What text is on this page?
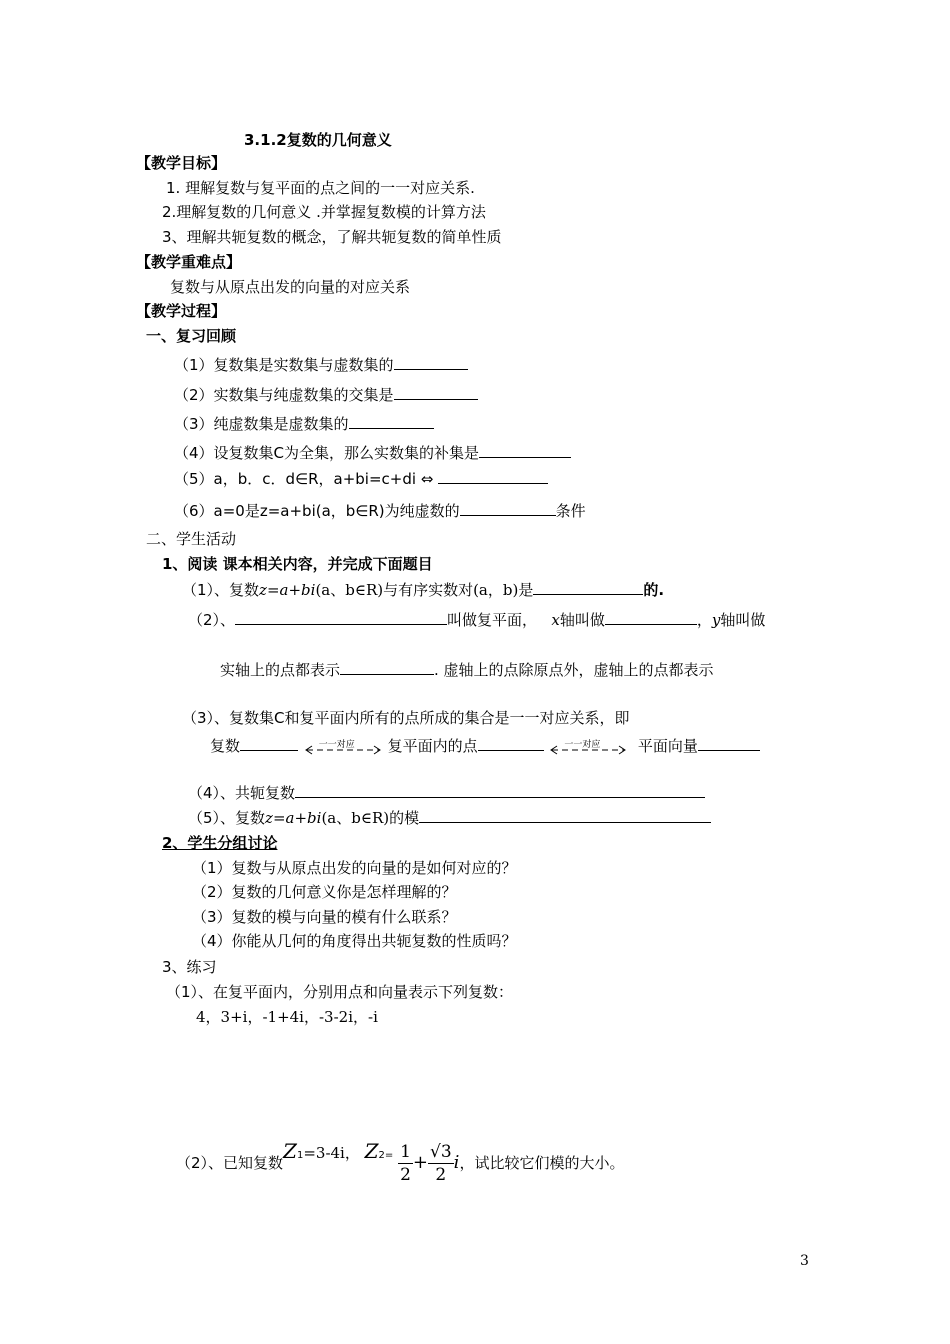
3.1.2复数的几何意义
【教学目标】
1. 理解复数与复平面的点之间的一一对应关系.
2.理解复数的几何意义 .并掌握复数模的计算方法
3、理解共轭复数的概念，了解共轭复数的简单性质
【教学重难点】
复数与从原点出发的向量的对应关系
【教学过程】
一、复习回顾
（1）复数集是实数集与虚数集的
（2）实数集与纯虚数集的交集是
（3）纯虚数集是虚数集的
（4）设复数集C为全集，那么实数集的补集是
（5）a，b．c．d∈R，a+bi=c+di ⇔
（6）a=0是z=a+bi(a，b∈R)为纯虚数的	条件
二、学生活动
1、阅读 课本相关内容，并完成下面题目
（1）、复数z=a+bi(a、b∈R)与有序实数对(a，b)是	的.
（2）、	叫做复平面， x轴叫做	，y轴叫做
实轴上的点都表示	. 虚轴上的点除原点外，虚轴上的点都表示
（3）、复数集C和复平面内所有的点所成的集合是一一对应关系，即
复数	一一对应 复平面内的点	一一对应	平面向量
（4）、共轭复数
（5）、复数z=a+bi(a、b∈R)的模
2、学生分组讨论
（1）复数与从原点出发的向量的是如何对应的？
（2）复数的几何意义你是怎样理解的？
（3）复数的模与向量的模有什么联系？
（4）你能从几何的角度得出共轭复数的性质吗？
3、练习
（1）、在复平面内，分别用点和向量表示下列复数：
4，3+i，-1+4i，-3-2i，-i
（2）、已知复数$Z^1=3-4i$， $Z^{2=} \frac{1}{2} + \frac{√3}{2}$ i，试比较它们模的大小。
3
